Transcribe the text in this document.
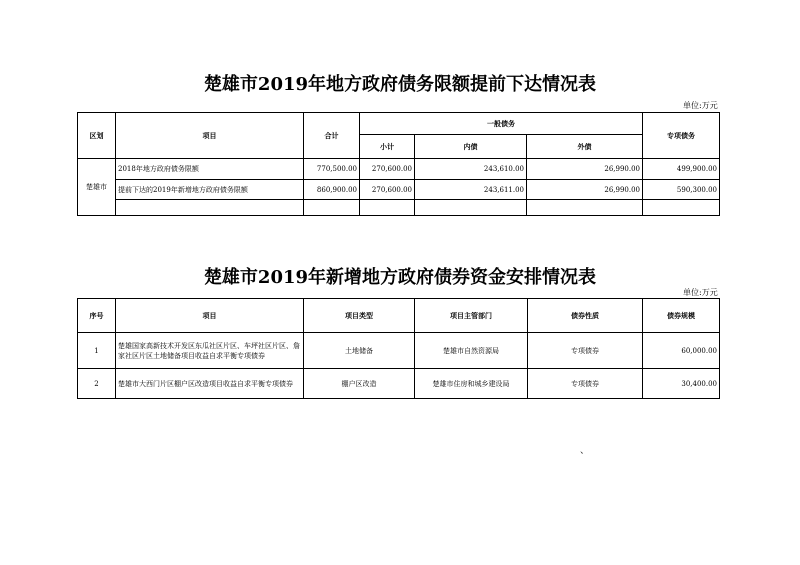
楚雄市2019年地方政府债务限额提前下达情况表
单位:万元
区划	项目	合计	一般债务			专项债务
			小计	内债	外债	
楚雄市	2018年地方政府债务限额	770,500.00	270,600.00	243,610.00	26,990.00	499,900.00
	提前下达的2019年新增地方政府债务限额	860,900.00	270,600.00	243,611.00	26,990.00	590,300.00

楚雄市2019年新增地方政府债券资金安排情况表
单位:万元
序号	项目	项目类型	项目主管部门	债券性质	债券规模
1	楚雄国家高新技术开发区东瓜社区片区、车坪社区片区、詹家社区片区土地储备项目收益自求平衡专项债券	土地储备	楚雄市自然资源局	专项债券	60,000.00
2	楚雄市大西门片区棚户区改造项目收益自求平衡专项债券	棚户区改造	楚雄市住房和城乡建设局	专项债券	30,400.00
、
